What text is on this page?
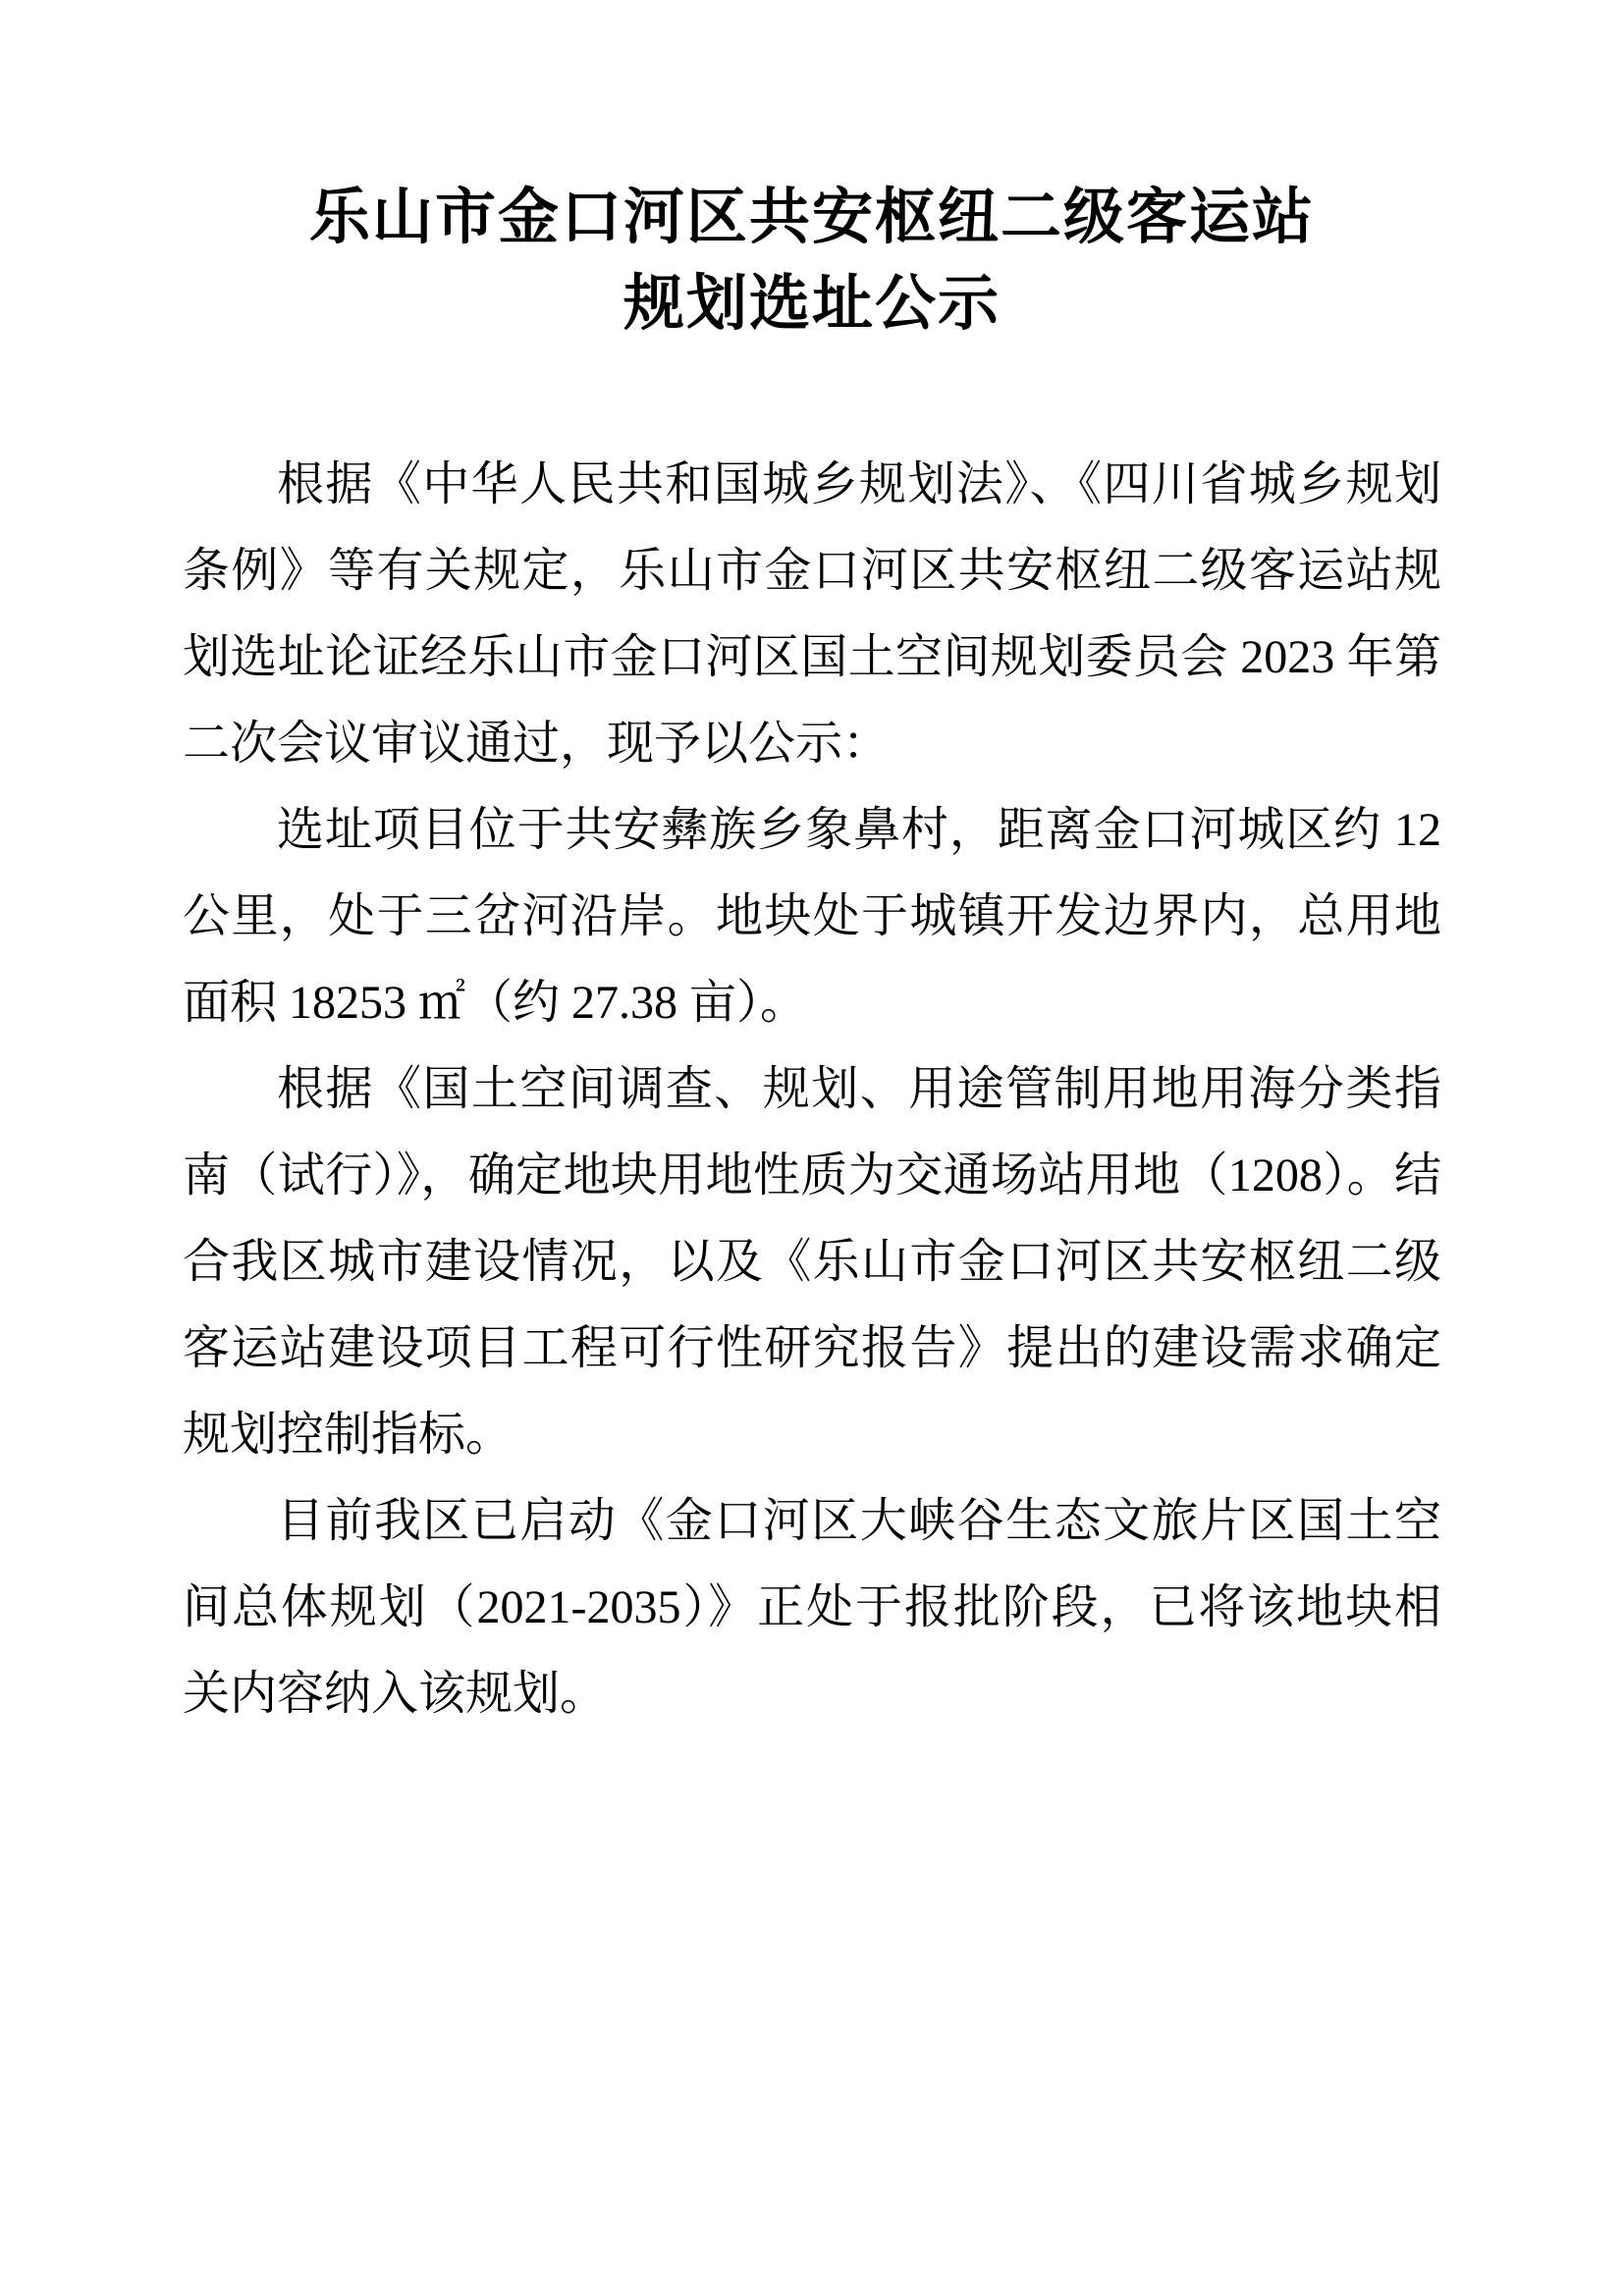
乐山市金口河区共安枢纽二级客运站
规划选址公示

根据《中华人民共和国城乡规划法》、《四川省城乡规划条例》等有关规定，乐山市金口河区共安枢纽二级客运站规划选址论证经乐山市金口河区国土空间规划委员会 2023 年第二次会议审议通过，现予以公示：

选址项目位于共安彝族乡象鼻村，距离金口河城区约 12 公里，处于三岔河沿岸。地块处于城镇开发边界内，总用地面积 18253 ㎡（约 27.38 亩）。

根据《国土空间调查、规划、用途管制用地用海分类指南（试行）》，确定地块用地性质为交通场站用地（1208）。结合我区城市建设情况，以及《乐山市金口河区共安枢纽二级客运站建设项目工程可行性研究报告》提出的建设需求确定规划控制指标。

目前我区已启动《金口河区大峡谷生态文旅片区国土空间总体规划（2021-2035）》正处于报批阶段，已将该地块相关内容纳入该规划。
